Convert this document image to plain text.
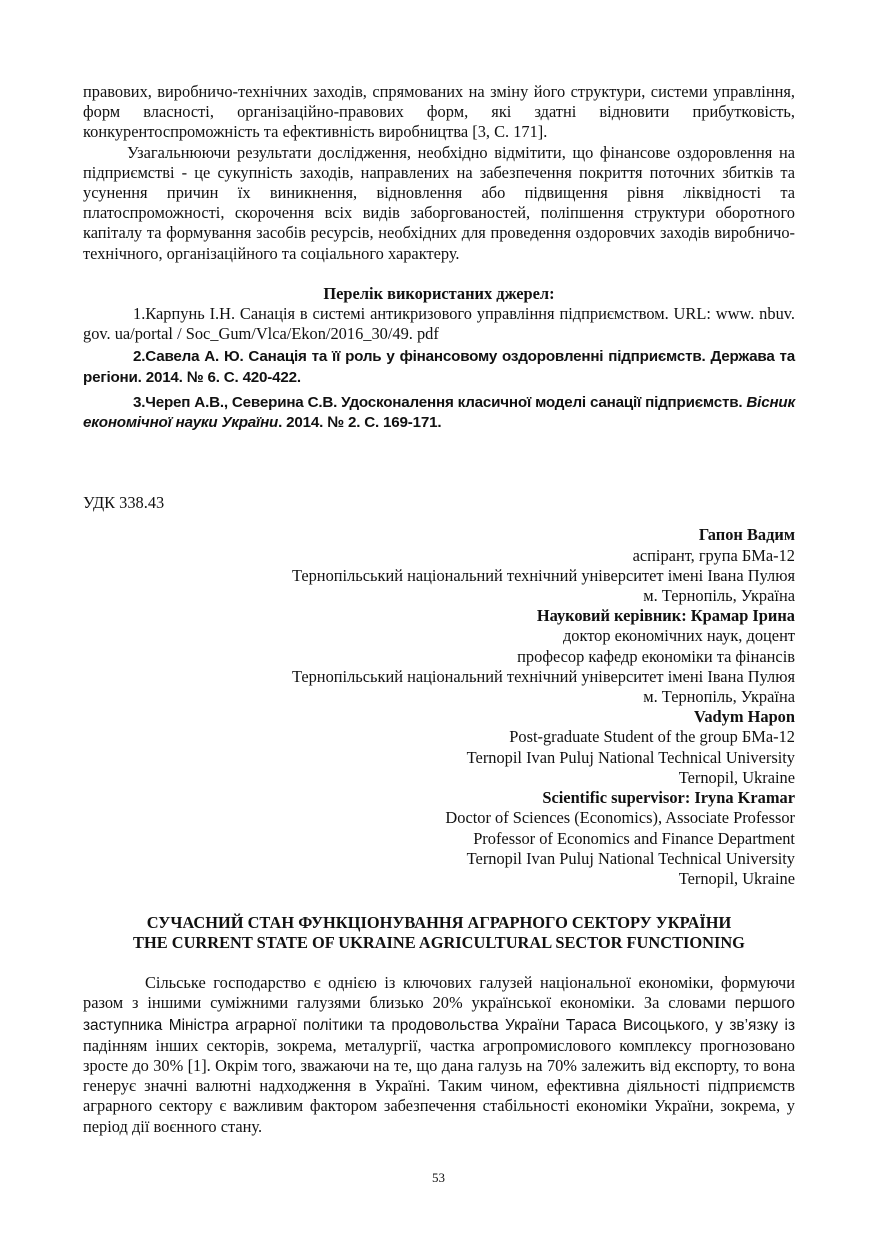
правових, виробничо-технічних заходів, спрямованих на зміну його структури, системи управління, форм власності, організаційно-правових форм, які здатні відновити прибутковість, конкурентоспроможність та ефективність виробництва [3, С. 171].

Узагальнюючи результати дослідження, необхідно відмітити, що фінансове оздоровлення на підприємстві - це сукупність заходів, направлених на забезпечення покриття поточних збитків та усунення причин їх виникнення, відновлення або підвищення рівня ліквідності та платоспроможності, скорочення всіх видів заборгованостей, поліпшення структури оборотного капіталу та формування засобів ресурсів, необхідних для проведення оздоровчих заходів виробничо-технічного, організаційного та соціального характеру.

Перелік використаних джерел:

1.Карпунь І.Н. Санація в системі антикризового управління підприємством. URL: www. nbuv. gov. ua/portal / Soc_Gum/Vlca/Ekon/2016_30/49. pdf

2.Савела А. Ю. Санація та її роль у фінансовому оздоровленні підприємств. Держава та регіони. 2014. № 6. С. 420-422.

3.Череп А.В., Северина С.В. Удосконалення класичної моделі санації підприємств. Вісник економічної науки України. 2014. № 2. С. 169-171.

УДК 338.43

Гапон Вадим
аспірант, група БМа-12
Тернопільський національний технічний університет імені Івана Пулюя
м. Тернопіль, Україна
Науковий керівник: Крамар Ірина
доктор економічних наук, доцент
професор кафедр економіки та фінансів
Тернопільський національний технічний університет імені Івана Пулюя
м. Тернопіль, Україна
Vadym Hapon
Post-graduate Student of the group БМа-12
Ternopil Ivan Puluj National Technical University
Ternopil, Ukraine
Scientific supervisor: Iryna Kramar
Doctor of Sciences (Economics), Associate Professor
Professor of Economics and Finance Department
Ternopil Ivan Puluj National Technical University
Ternopil, Ukraine

СУЧАСНИЙ СТАН ФУНКЦІОНУВАННЯ АГРАРНОГО СЕКТОРУ УКРАЇНИ

THE CURRENT STATE OF UKRAINE AGRICULTURAL SECTOR FUNCTIONING

Сільське господарство є однією із ключових галузей національної економіки, формуючи разом з іншими суміжними галузями близько 20% української економіки. За словами першого заступника Міністра аграрної політики та продовольства України Тараса Висоцького, у зв’язку із падінням інших секторів, зокрема, металургії, частка агропромислового комплексу прогнозовано зросте до 30% [1]. Окрім того, зважаючи на те, що дана галузь на 70% залежить від експорту, то вона генерує значні валютні надходження в Україні. Таким чином, ефективна діяльності підприємств аграрного сектору є важливим фактором забезпечення стабільності економіки України, зокрема, у період дії воєнного стану.

53
